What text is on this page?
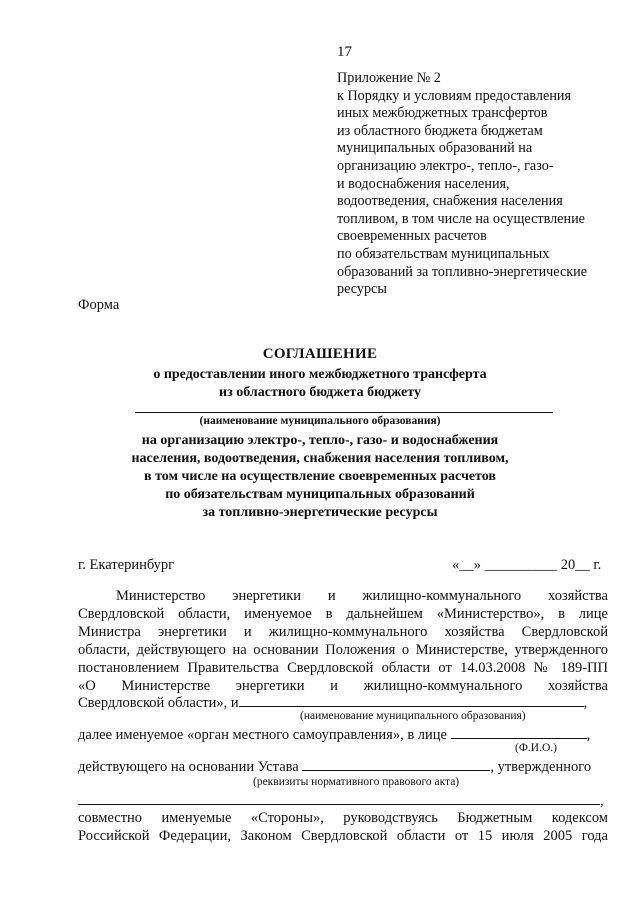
17
Приложение № 2
к Порядку и условиям предоставления
иных межбюджетных трансфертов
из областного бюджета бюджетам
муниципальных образований на
организацию электро-, тепло-, газо-
и водоснабжения населения,
водоотведения, снабжения населения
топливом, в том числе на осуществление
своевременных расчетов
по обязательствам муниципальных
образований за топливно-энергетические
ресурсы
Форма
СОГЛАШЕНИЕ
о предоставлении иного межбюджетного трансферта
из областного бюджета бюджету
(наименование муниципального образования)
на организацию электро-, тепло-, газо- и водоснабжения
населения, водоотведения, снабжения населения топливом,
в том числе на осуществление своевременных расчетов
по обязательствам муниципальных образований
за топливно-энергетические ресурсы
г. Екатеринбург	«__» __________ 20__ г.
Министерство энергетики и жилищно-коммунального хозяйства
Свердловской области, именуемое в дальнейшем «Министерство», в лице
Министра энергетики и жилищно-коммунального хозяйства Свердловской
области, действующего на основании Положения о Министерстве, утвержденного
постановлением Правительства Свердловской области от 14.03.2008 № 189-ПП
«О Министерстве энергетики и жилищно-коммунального хозяйства
Свердловской области», и	,
(наименование муниципального образования)
далее именуемое «орган местного самоуправления», в лице	,
(Ф.И.О.)
действующего на основании Устава	, утвержденного
(реквизиты нормативного правового акта)
,
совместно именуемые «Стороны», руководствуясь Бюджетным кодексом
Российской Федерации, Законом Свердловской области от 15 июля 2005 года
